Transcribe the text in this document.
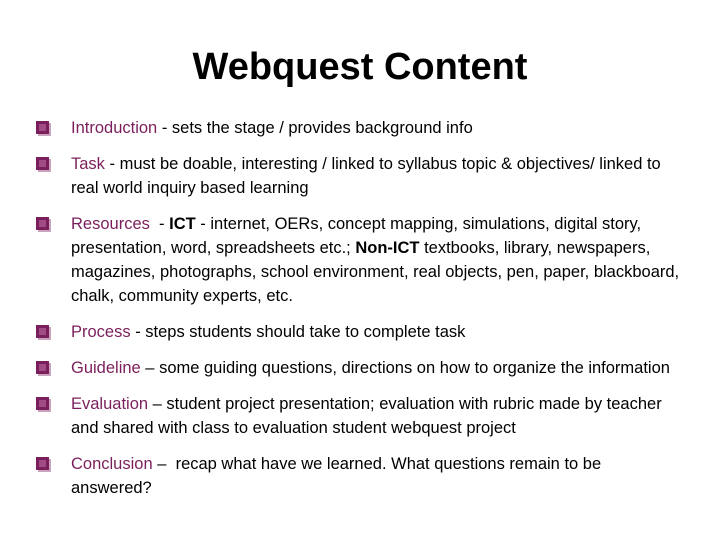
Webquest Content
Introduction - sets the stage / provides background info
Task - must be doable, interesting / linked to syllabus topic & objectives/ linked to real world inquiry based learning
Resources  - ICT - internet, OERs, concept mapping, simulations, digital story, presentation, word, spreadsheets etc.; Non-ICT textbooks, library, newspapers, magazines, photographs, school environment, real objects, pen, paper, blackboard, chalk, community experts, etc.
Process - steps students should take to complete task
Guideline – some guiding questions, directions on how to organize the information
Evaluation – student project presentation; evaluation with rubric made by teacher and shared with class to evaluation student webquest project
Conclusion –  recap what have we learned. What questions remain to be answered?
